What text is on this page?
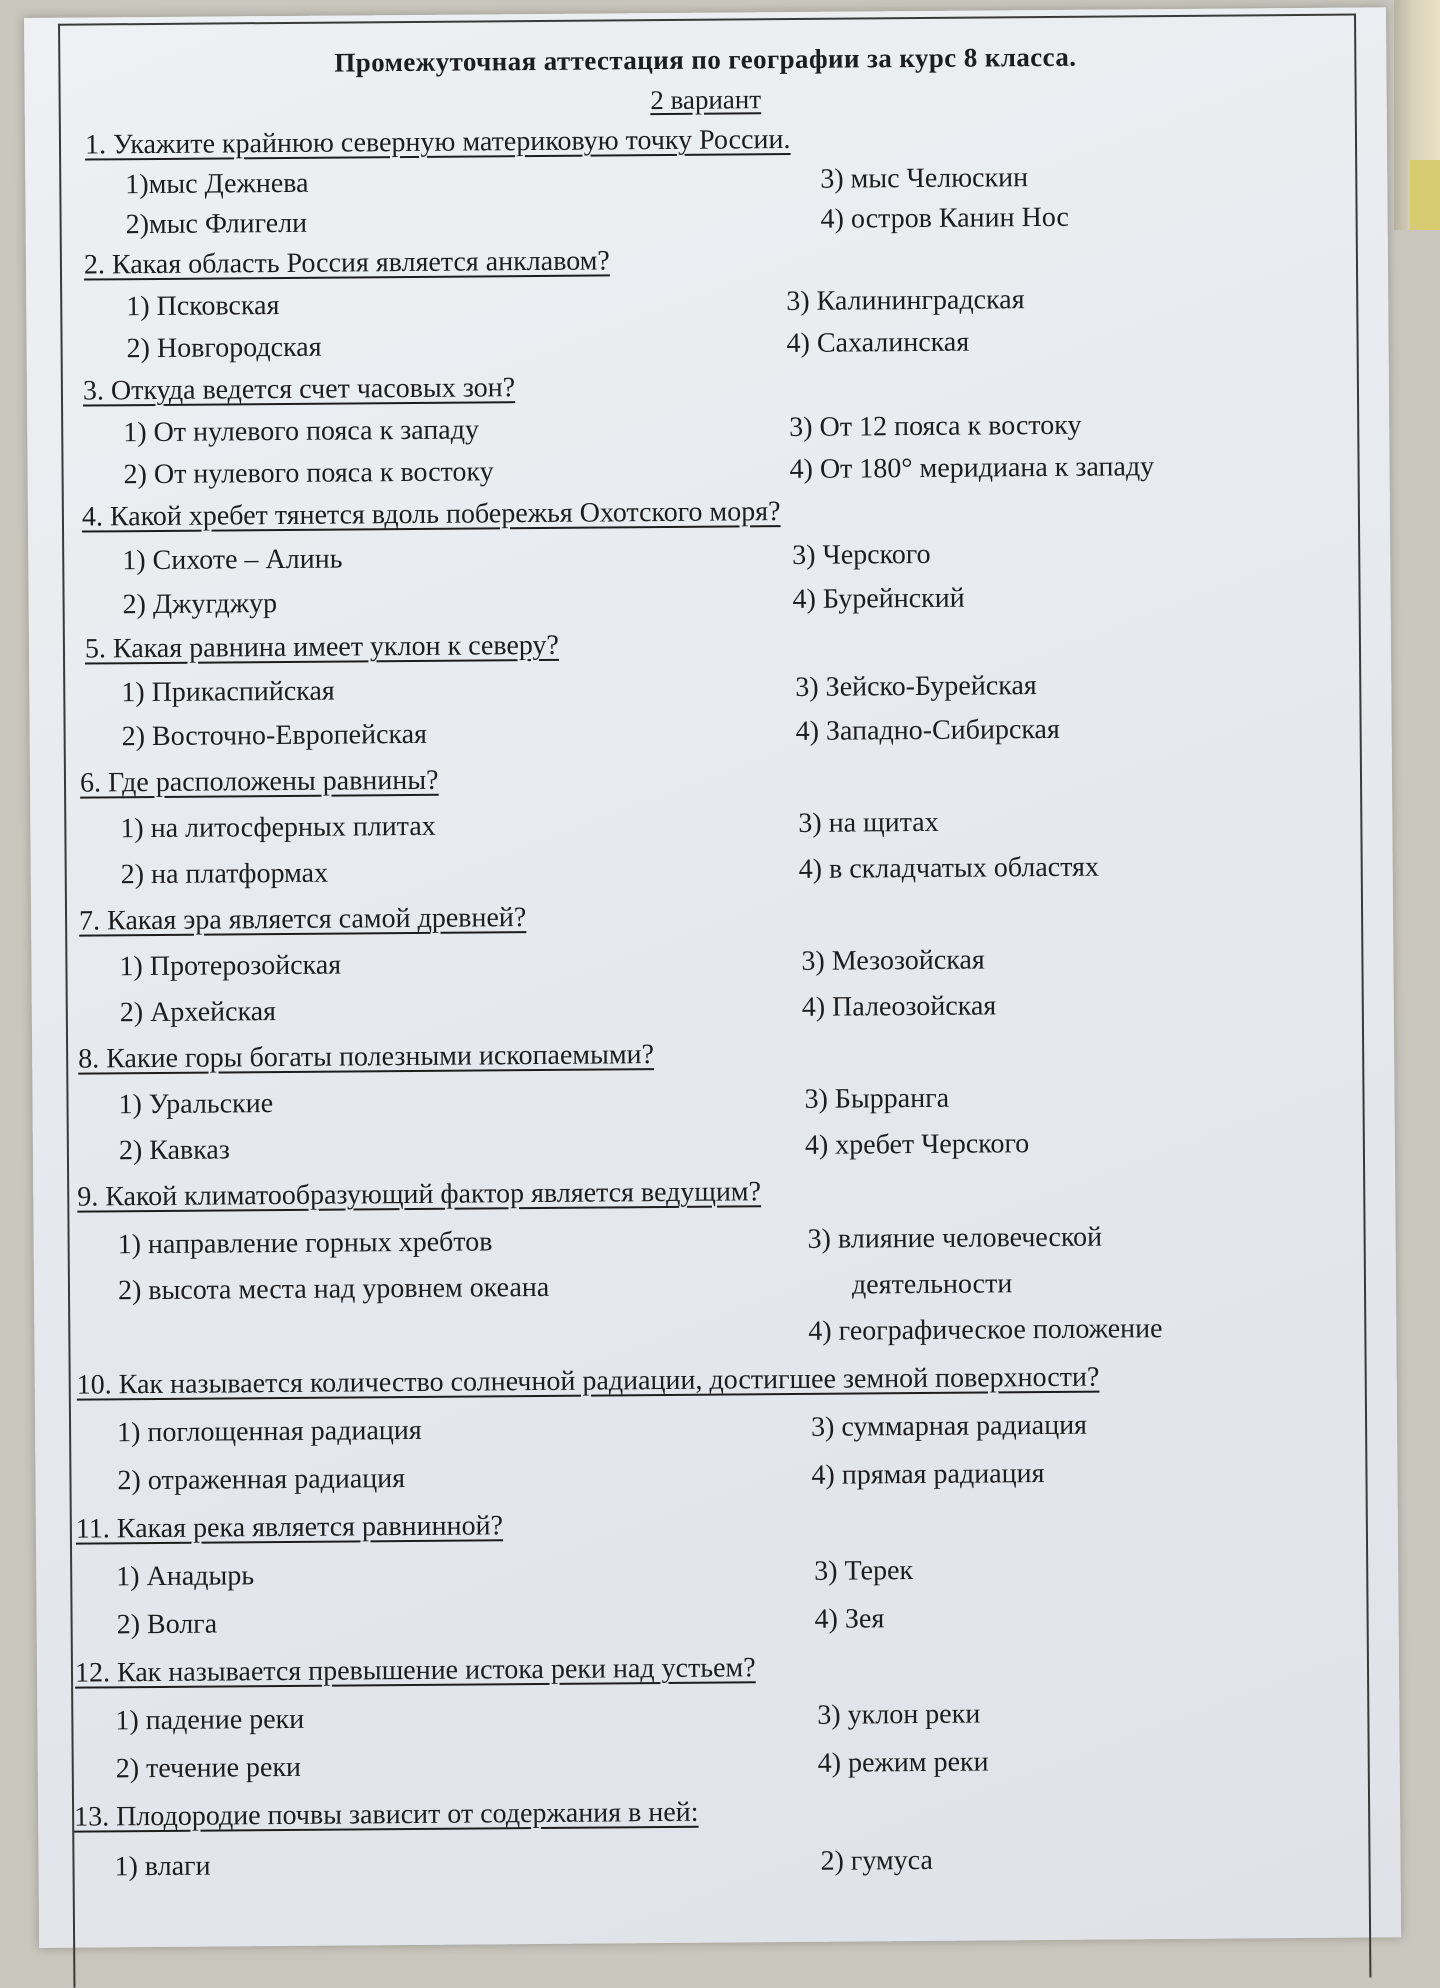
Промежуточная аттестация по географии за курс 8 класса.
2 вариант
1. Укажите крайнюю северную материковую точку России.
1)мыс Дежнева
2)мыс Флигели
3) мыс Челюскин
4) остров Канин Нос
2. Какая область Россия является анклавом?
1) Псковская
2) Новгородская
3) Калининградская
4) Сахалинская
3. Откуда ведется счет часовых зон?
1) От нулевого пояса к западу
2) От нулевого пояса к востоку
3) От 12 пояса к востоку
4) От 180° меридиана к западу
4. Какой хребет тянется вдоль побережья Охотского моря?
1) Сихоте – Алинь
2) Джугджур
3) Черского
4) Бурейнский
5. Какая равнина имеет уклон к северу?
1) Прикаспийская
2) Восточно-Европейская
3) Зейско-Бурейская
4) Западно-Сибирская
6. Где расположены равнины?
1) на литосферных плитах
2) на платформах
3) на щитах
4) в складчатых областях
7. Какая эра является самой древней?
1) Протерозойская
2) Архейская
3) Мезозойская
4) Палеозойская
8. Какие горы богаты полезными ископаемыми?
1) Уральские
2) Кавказ
3) Бырранга
4) хребет Черского
9. Какой климатообразующий фактор является ведущим?
1) направление горных хребтов
2) высота места над уровнем океана
3) влияние человеческой
деятельности
4) географическое положение
10. Как называется количество солнечной радиации, достигшее земной поверхности?
1) поглощенная радиация
2) отраженная радиация
3) суммарная радиация
4) прямая радиация
11. Какая река является равнинной?
1) Анадырь
2) Волга
3) Терек
4) Зея
12. Как называется превышение истока реки над устьем?
1) падение реки
2) течение реки
3) уклон реки
4) режим реки
13. Плодородие почвы зависит от содержания в ней:
1) влаги	2) гумуса
